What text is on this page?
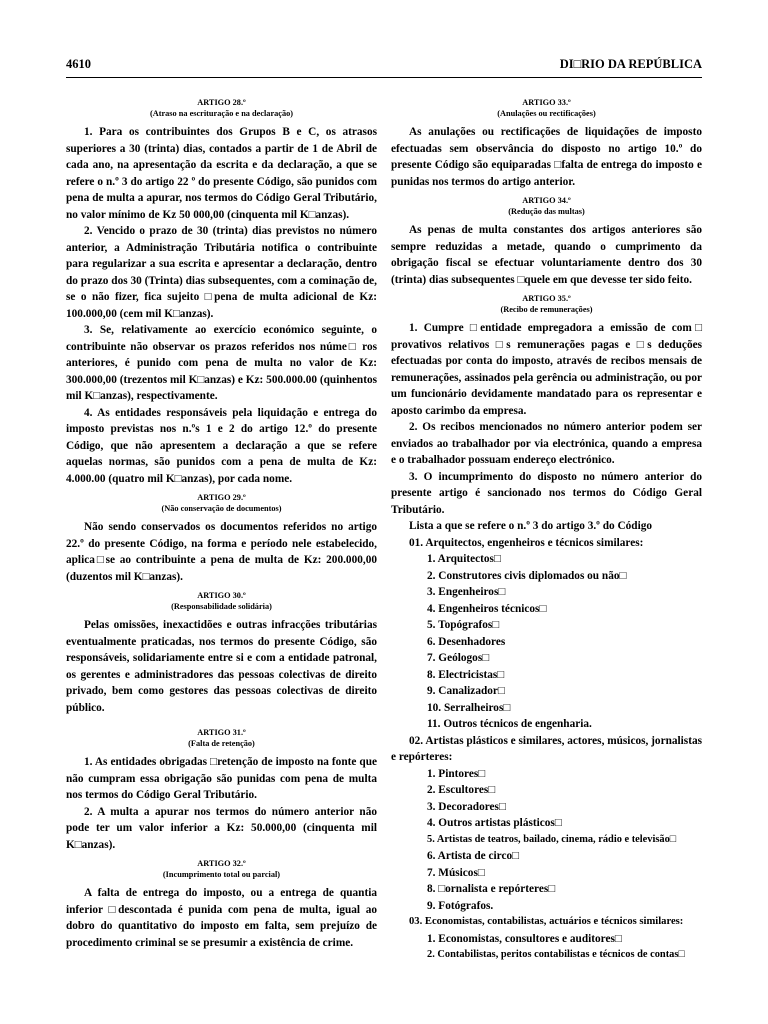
4610	DI□RIO DA REPÚBLICA
ARTIGO 28.º
(Atraso na escrituração e na declaração)

1. Para os contribuintes dos Grupos B e C, os atrasos superiores a 30 (trinta) dias, contados a partir de 1 de Abril de cada ano, na apresentação da escrita e da declaração, a que se refere o n.º 3 do artigo 22 º do presente Código, são punidos com pena de multa a apurar, nos termos do Código Geral Tributário, no valor mínimo de Kz 50 000,00 (cinquenta mil K□anzas).

2. Vencido o prazo de 30 (trinta) dias previstos no número anterior, a Administração Tributária notifica o contribuinte para regularizar a sua escrita e apresentar a declaração, dentro do prazo dos 30 (Trinta) dias subsequentes, com a cominação de, se o não fizer, fica sujeito □pena de multa adicional de Kz: 100.000,00 (cem mil K□anzas).

3. Se, relativamente ao exercício económico seguinte, o contribuinte não observar os prazos referidos nos núme□ ros anteriores, é punido com pena de multa no valor de Kz: 300.000,00 (trezentos mil K□anzas) e Kz: 500.000.00 (quinhentos mil K□anzas), respectivamente.

4. As entidades responsáveis pela liquidação e entrega do imposto previstas nos n.ºs 1 e 2 do artigo 12.º do presente Código, que não apresentem a declaração a que se refere aquelas normas, são punidos com a pena de multa de Kz: 4.000.00 (quatro mil K□anzas), por cada nome.

ARTIGO 29.º
(Não conservação de documentos)

Não sendo conservados os documentos referidos no artigo 22.º do presente Código, na forma e período nele estabelecido, aplica□se ao contribuinte a pena de multa de Kz: 200.000,00 (duzentos mil K□anzas).

ARTIGO 30.º
(Responsabilidade solidária)

Pelas omissões, inexactidões e outras infracções tributárias eventualmente praticadas, nos termos do presente Código, são responsáveis, solidariamente entre si e com a entidade patronal, os gerentes e administradores das pessoas colectivas de direito privado, bem como gestores das pessoas colectivas de direito público.

ARTIGO 31.º
(Falta de retenção)

1. As entidades obrigadas □retenção de imposto na fonte que não cumpram essa obrigação são punidas com pena de multa nos termos do Código Geral Tributário.

2. A multa a apurar nos termos do número anterior não pode ter um valor inferior a Kz: 50.000,00 (cinquenta mil K□anzas).

ARTIGO 32.º
(Incumprimento total ou parcial)

A falta de entrega do imposto, ou a entrega de quantia inferior □descontada é punida com pena de multa, igual ao dobro do quantitativo do imposto em falta, sem prejuízo de procedimento criminal se se presumir a existência de crime.

ARTIGO 33.º
(Anulações ou rectificações)

As anulações ou rectificações de liquidações de imposto efectuadas sem observância do disposto no artigo 10.º do presente Código são equiparadas □falta de entrega do imposto e punidas nos termos do artigo anterior.

ARTIGO 34.º
(Redução das multas)

As penas de multa constantes dos artigos anteriores são sempre reduzidas a metade, quando o cumprimento da obrigação fiscal se efectuar voluntariamente dentro dos 30 (trinta) dias subsequentes □quele em que devesse ter sido feito.

ARTIGO 35.º
(Recibo de remunerações)

1. Cumpre □entidade empregadora a emissão de com□ provativos relativos □s remunerações pagas e □s deduções efectuadas por conta do imposto, através de recibos mensais de remunerações, assinados pela gerência ou administração, ou por um funcionário devidamente mandatado para os representar e aposto carimbo da empresa.

2. Os recibos mencionados no número anterior podem ser enviados ao trabalhador por via electrónica, quando a empresa e o trabalhador possuam endereço electrónico.

3. O incumprimento do disposto no número anterior do presente artigo é sancionado nos termos do Código Geral Tributário.

Lista a que se refere o n.º 3 do artigo 3.º do Código
01. Arquitectos, engenheiros e técnicos similares:
1. Arquitectos□
2. Construtores civis diplomados ou não□
3. Engenheiros□
4. Engenheiros técnicos□
5. Topógrafos□
6. Desenhadores
7. Geólogos□
8. Electricistas□
9. Canalizador□
10. Serralheiros□
11. Outros técnicos de engenharia.

02. Artistas plásticos e similares, actores, músicos, jornalistas e repórteres:

1. Pintores□
2. Escultores□
3. Decoradores□
4. Outros artistas plásticos□
5. Artistas de teatros, bailado, cinema, rádio e televisão□
6. Artista de circo□
7. Músicos□
8. □ornalista e repórteres□
9. Fotógrafos.
03. Economistas, contabilistas, actuários e técnicos similares:
1. Economistas, consultores e auditores□
2. Contabilistas, peritos contabilistas e técnicos de contas□
